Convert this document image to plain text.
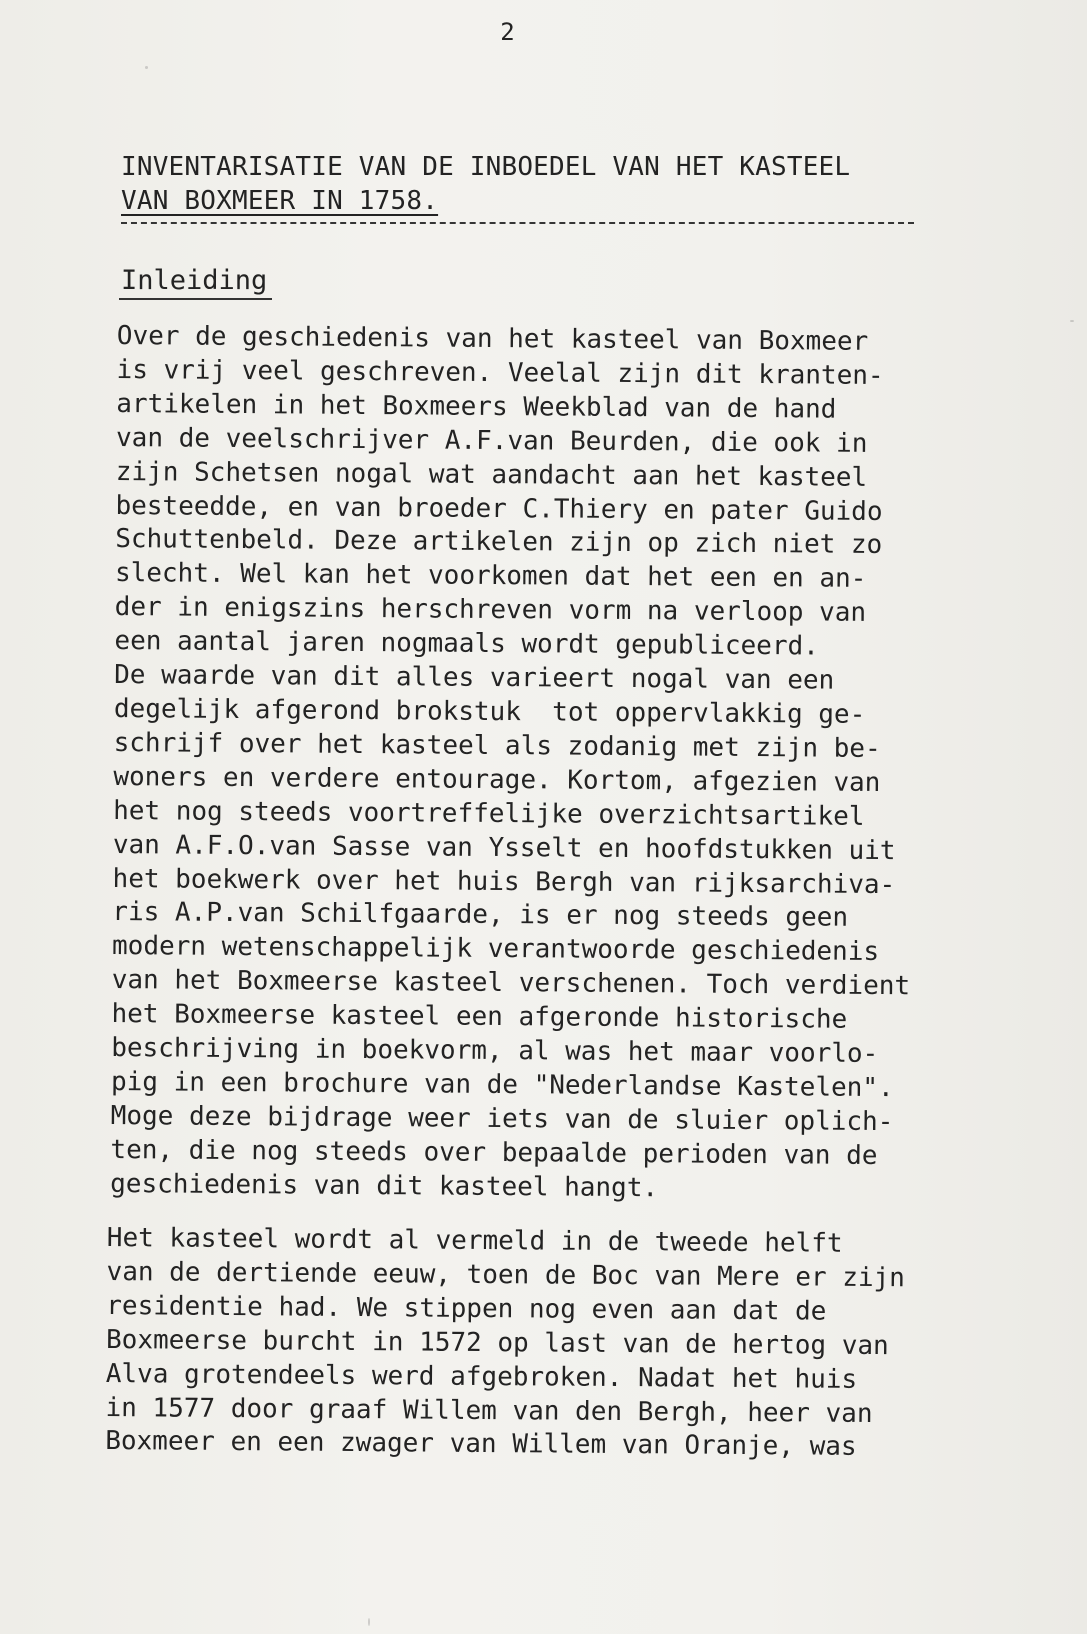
2
INVENTARISATIE VAN DE INBOEDEL VAN HET KASTEEL
VAN BOXMEER IN 1758.
Inleiding

Over de geschiedenis van het kasteel van Boxmeer
is vrij veel geschreven. Veelal zijn dit kranten-
artikelen in het Boxmeers Weekblad van de hand
van de veelschrijver A.F.van Beurden, die ook in
zijn Schetsen nogal wat aandacht aan het kasteel
besteedde, en van broeder C.Thiery en pater Guido
Schuttenbeld. Deze artikelen zijn op zich niet zo
slecht. Wel kan het voorkomen dat het een en an-
der in enigszins herschreven vorm na verloop van
een aantal jaren nogmaals wordt gepubliceerd.
De waarde van dit alles varieert nogal van een
degelijk afgerond brokstuk  tot oppervlakkig ge-
schrijf over het kasteel als zodanig met zijn be-
woners en verdere entourage. Kortom, afgezien van
het nog steeds voortreffelijke overzichtsartikel
van A.F.O.van Sasse van Ysselt en hoofdstukken uit
het boekwerk over het huis Bergh van rijksarchiva-
ris A.P.van Schilfgaarde, is er nog steeds geen
modern wetenschappelijk verantwoorde geschiedenis
van het Boxmeerse kasteel verschenen. Toch verdient
het Boxmeerse kasteel een afgeronde historische
beschrijving in boekvorm, al was het maar voorlo-
pig in een brochure van de "Nederlandse Kastelen".
Moge deze bijdrage weer iets van de sluier oplich-
ten, die nog steeds over bepaalde perioden van de
geschiedenis van dit kasteel hangt.

Het kasteel wordt al vermeld in de tweede helft
van de dertiende eeuw, toen de Boc van Mere er zijn
residentie had. We stippen nog even aan dat de
Boxmeerse burcht in 1572 op last van de hertog van
Alva grotendeels werd afgebroken. Nadat het huis
in 1577 door graaf Willem van den Bergh, heer van
Boxmeer en een zwager van Willem van Oranje, was
